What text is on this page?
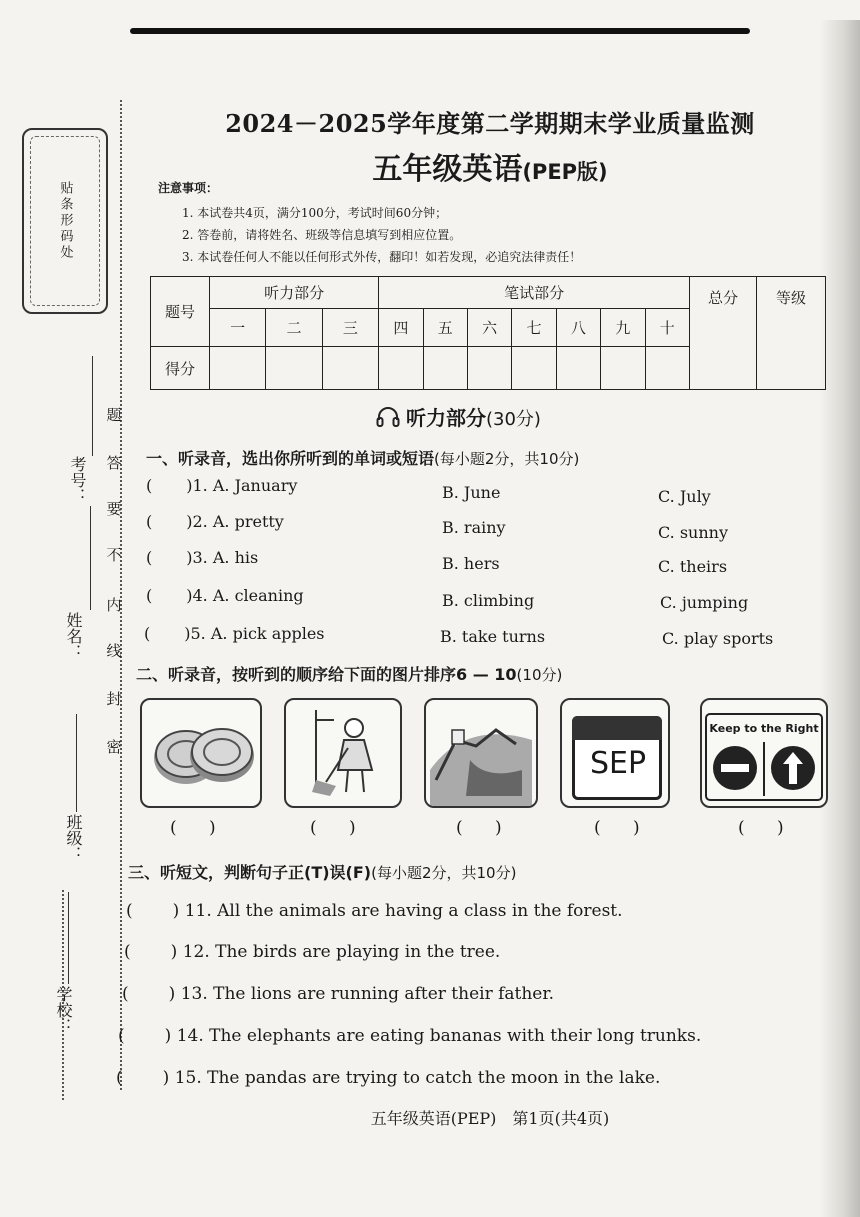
贴条形码处
考号：
姓名：
班级：
学校：
题
答
要
不
内
线
封
密
2024－2025学年度第二学期期末学业质量监测
五年级英语(PEP版)
注意事项：
1. 本试卷共4页，满分100分，考试时间60分钟；
2. 答卷前，请将姓名、班级等信息填写到相应位置。
3. 本试卷任何人不能以任何形式外传，翻印！如若发现，必追究法律责任！
题号	听力部分			笔试部分							总分	等级
	一	二	三	四	五	六	七	八	九	十		
得分												
听力部分(30分)
一、听录音，选出你所听到的单词或短语(每小题2分，共10分)
( )1. A. January	B. June	C. July
( )2. A. pretty	B. rainy	C. sunny
( )3. A. his	B. hers	C. theirs
( )4. A. cleaning	B. climbing	C. jumping
( )5. A. pick apples	B. take turns	C. play sports
二、听录音，按听到的顺序给下面的图片排序6 — 10(10分)
SEP
Keep to the Right
(      )	(      )	(      )	(      )	(      )
三、听短文，判断句子正(T)误(F)(每小题2分，共10分)
( ) 11. All the animals are having a class in the forest.
( ) 12. The birds are playing in the tree.
( ) 13. The lions are running after their father.
( ) 14. The elephants are eating bananas with their long trunks.
( ) 15. The pandas are trying to catch the moon in the lake.
五年级英语(PEP)　第1页(共4页)
